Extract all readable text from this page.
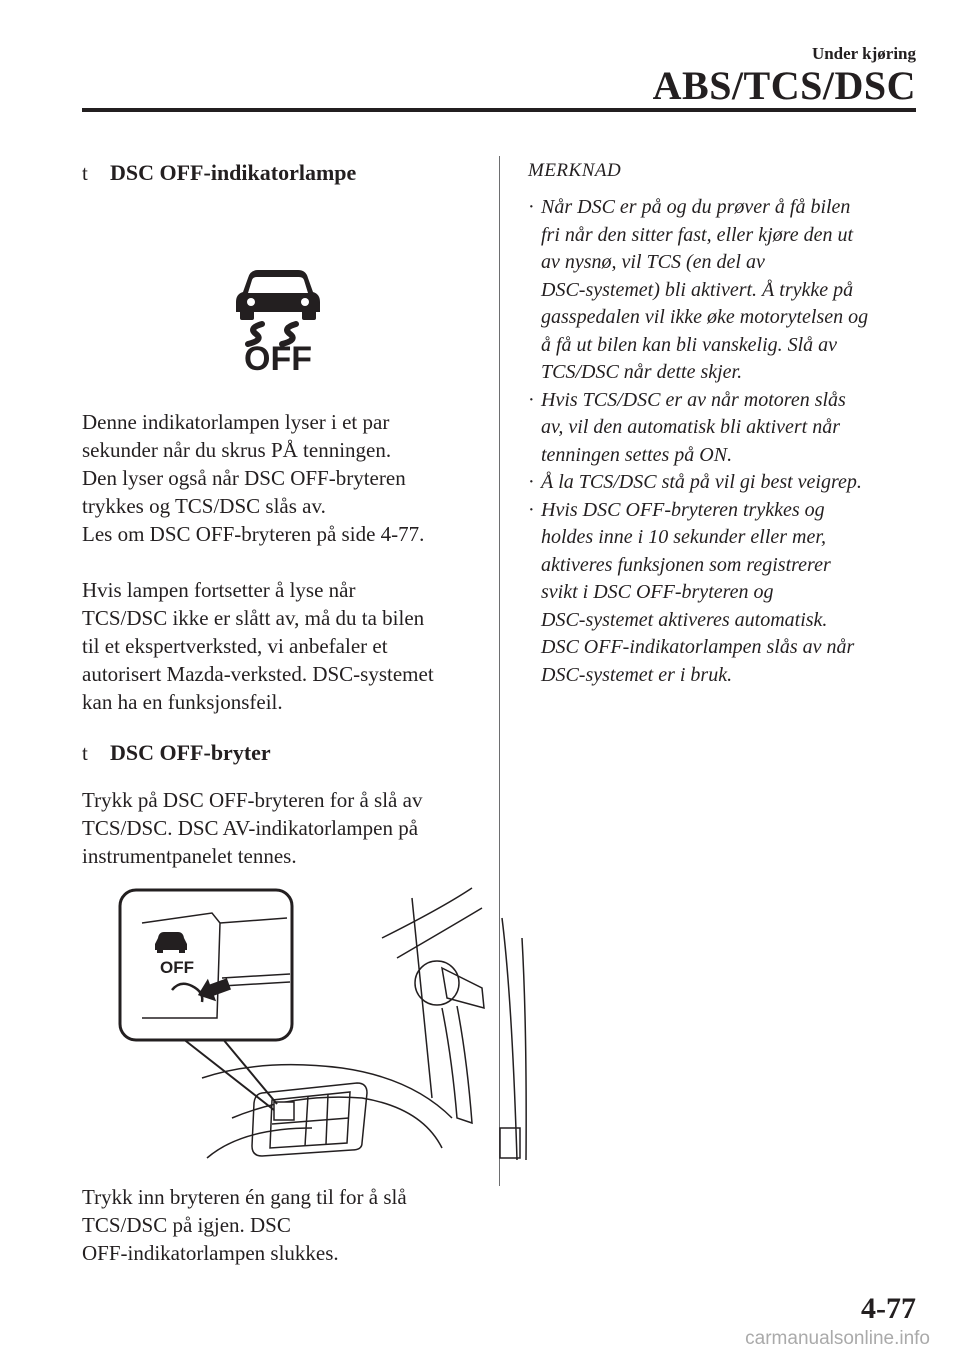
Under kjøring
ABS/TCS/DSC
t	DSC OFF-indikatorlampe
OFF

Denne indikatorlampen lyser i et par
sekunder når du skrus PÅ tenningen.
Den lyser også når DSC OFF-bryteren
trykkes og TCS/DSC slås av.
Les om DSC OFF-bryteren på side 4-77.

Hvis lampen fortsetter å lyse når
TCS/DSC ikke er slått av, må du ta bilen
til et ekspertverksted, vi anbefaler et
autorisert Mazda-verksted. DSC-systemet
kan ha en funksjonsfeil.

t	DSC OFF-bryter

Trykk på DSC OFF-bryteren for å slå av
TCS/DSC. DSC AV-indikatorlampen på
instrumentpanelet tennes.

OFF

Trykk inn bryteren én gang til for å slå
TCS/DSC på igjen. DSC
OFF-indikatorlampen slukkes.

MERKNAD
· Når DSC er på og du prøver å få bilen
fri når den sitter fast, eller kjøre den ut
av nysnø, vil TCS (en del av
DSC-systemet) bli aktivert. Å trykke på
gasspedalen vil ikke øke motorytelsen og
å få ut bilen kan bli vanskelig. Slå av
TCS/DSC når dette skjer.
· Hvis TCS/DSC er av når motoren slås
av, vil den automatisk bli aktivert når
tenningen settes på ON.
· Å la TCS/DSC stå på vil gi best veigrep.
· Hvis DSC OFF-bryteren trykkes og
holdes inne i 10 sekunder eller mer,
aktiveres funksjonen som registrerer
svikt i DSC OFF-bryteren og
DSC-systemet aktiveres automatisk.
DSC OFF-indikatorlampen slås av når
DSC-systemet er i bruk.
4-77
carmanualsonline.info
